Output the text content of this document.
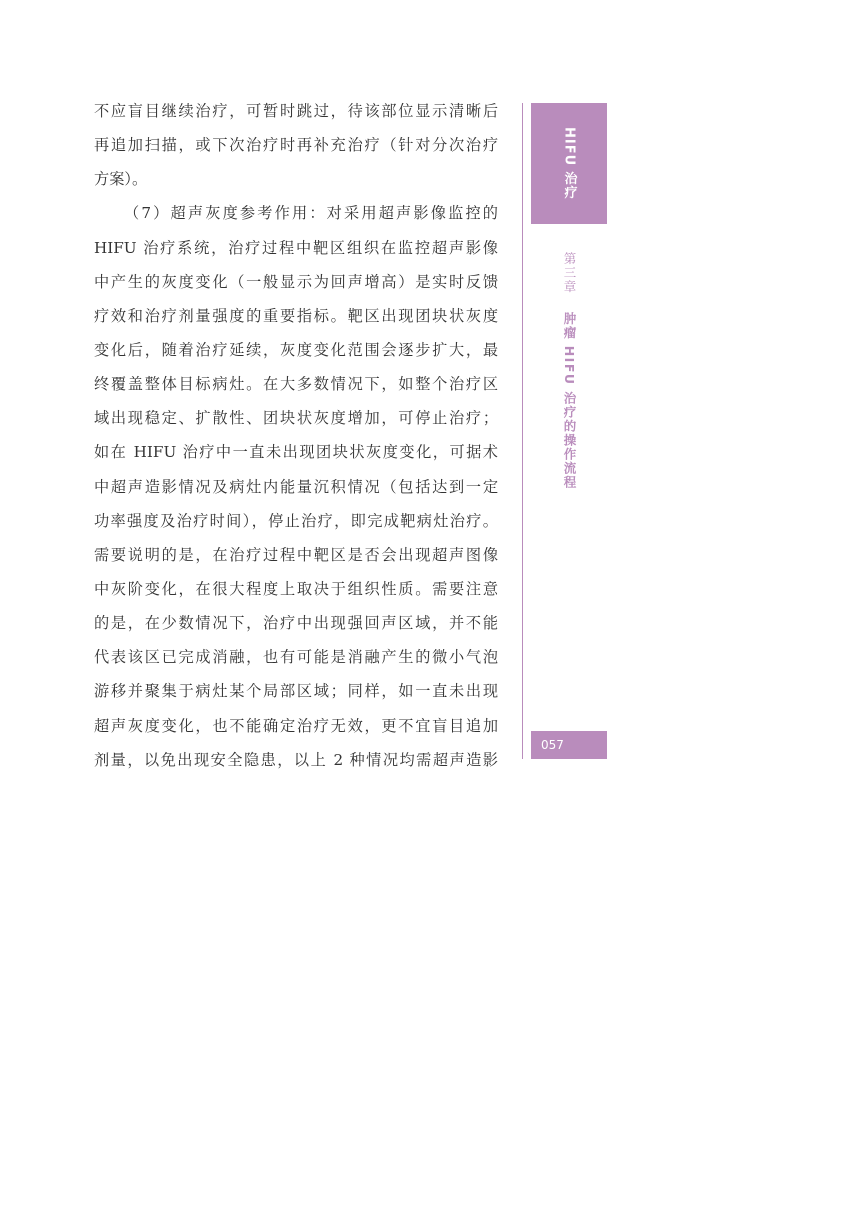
不应盲目继续治疗，可暂时跳过，待该部位显示清晰后
再追加扫描，或下次治疗时再补充治疗（针对分次治疗
方案）。
（7）超声灰度参考作用：对采用超声影像监控的
HIFU 治疗系统，治疗过程中靶区组织在监控超声影像
中产生的灰度变化（一般显示为回声增高）是实时反馈
疗效和治疗剂量强度的重要指标。靶区出现团块状灰度
变化后，随着治疗延续，灰度变化范围会逐步扩大，最
终覆盖整体目标病灶。在大多数情况下，如整个治疗区
域出现稳定、扩散性、团块状灰度增加，可停止治疗；
如在 HIFU 治疗中一直未出现团块状灰度变化，可据术
中超声造影情况及病灶内能量沉积情况（包括达到一定
功率强度及治疗时间），停止治疗，即完成靶病灶治疗。
需要说明的是，在治疗过程中靶区是否会出现超声图像
中灰阶变化，在很大程度上取决于组织性质。需要注意
的是，在少数情况下，治疗中出现强回声区域，并不能
代表该区已完成消融，也有可能是消融产生的微小气泡
游移并聚集于病灶某个局部区域；同样，如一直未出现
超声灰度变化，也不能确定治疗无效，更不宜盲目追加
剂量，以免出现安全隐患，以上 2 种情况均需超声造影
HIFU 治疗
第三章 肿瘤 HIFU 治疗的操作流程
057
